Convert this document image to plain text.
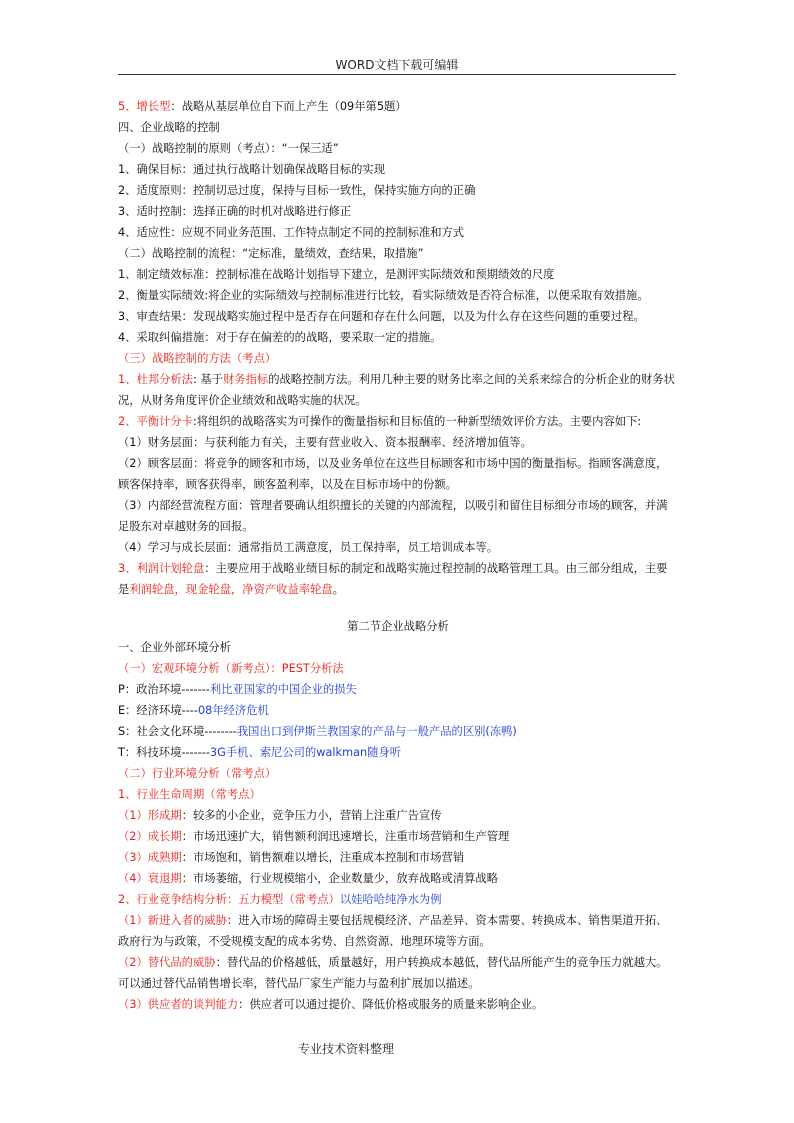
WORD文档下载可编辑
5、增长型：战略从基层单位自下而上产生（09年第5题）
四、企业战略的控制
（一）战略控制的原则（考点）：“一保三适”
1、确保目标：通过执行战略计划确保战略目标的实现
2、适度原则：控制切忌过度，保持与目标一致性，保持实施方向的正确
3、适时控制：选择正确的时机对战略进行修正
4、适应性：应规不同业务范围、工作特点制定不同的控制标准和方式
（二）战略控制的流程：“定标准，量绩效，查结果，取措施”
1、制定绩效标准：控制标准在战略计划指导下建立，是测评实际绩效和预期绩效的尺度
2、衡量实际绩效:将企业的实际绩效与控制标准进行比较，看实际绩效是否符合标准，以便采取有效措施。
3、审查结果：发现战略实施过程中是否存在问题和存在什么问题，以及为什么存在这些问题的重要过程。
4、采取纠偏措施：对于存在偏差的的战略，要采取一定的措施。
（三）战略控制的方法（考点）
1、杜邦分析法: 基于财务指标的战略控制方法。利用几种主要的财务比率之间的关系来综合的分析企业的财务状况，从财务角度评价企业绩效和战略实施的状况。
2、平衡计分卡:将组织的战略落实为可操作的衡量指标和目标值的一种新型绩效评价方法。主要内容如下:
（1）财务层面：与获利能力有关，主要有营业收入、资本报酬率、经济增加值等。
（2）顾客层面：将竞争的顾客和市场，以及业务单位在这些目标顾客和市场中国的衡量指标。指顾客满意度，顾客保持率，顾客获得率，顾客盈利率，以及在目标市场中的份额。
（3）内部经营流程方面：管理者要确认组织擅长的关键的内部流程，以吸引和留住目标细分市场的顾客，并满足股东对卓越财务的回报。
（4）学习与成长层面：通常指员工满意度，员工保持率，员工培训成本等。
3、利润计划轮盘：主要应用于战略业绩目标的制定和战略实施过程控制的战略管理工具。由三部分组成，主要是利润轮盘，现金轮盘，净资产收益率轮盘。
第二节企业战略分析
一、企业外部环境分析
（一）宏观环境分析（新考点）：PEST分析法
P：政治环境-------利比亚国家的中国企业的损失
E：经济环境----08年经济危机
S：社会文化环境--------我国出口到伊斯兰教国家的产品与一般产品的区别(冻鸭)
T：科技环境-------3G手机、索尼公司的walkman随身听
（二）行业环境分析（常考点）
1、行业生命周期（常考点）
（1）形成期：较多的小企业，竞争压力小，营销上注重广告宣传
（2）成长期：市场迅速扩大，销售额利润迅速增长，注重市场营销和生产管理
（3）成熟期：市场饱和，销售额难以增长，注重成本控制和市场营销
（4）衰退期：市场萎缩，行业规模缩小，企业数量少，放弃战略或清算战略
2、行业竞争结构分析：五力模型（常考点）以娃哈哈纯净水为例
（1）新进入者的威胁：进入市场的障碍主要包括规模经济、产品差异、资本需要、转换成本、销售渠道开拓、政府行为与政策，不受规模支配的成本劣势、自然资源、地理环境等方面。
（2）替代品的威胁：替代品的价格越低，质量越好，用户转换成本越低，替代品所能产生的竞争压力就越大。可以通过替代品销售增长率，替代品厂家生产能力与盈利扩展加以描述。
（3）供应者的谈判能力：供应者可以通过提价、降低价格或服务的质量来影响企业。
专业技术资料整理
